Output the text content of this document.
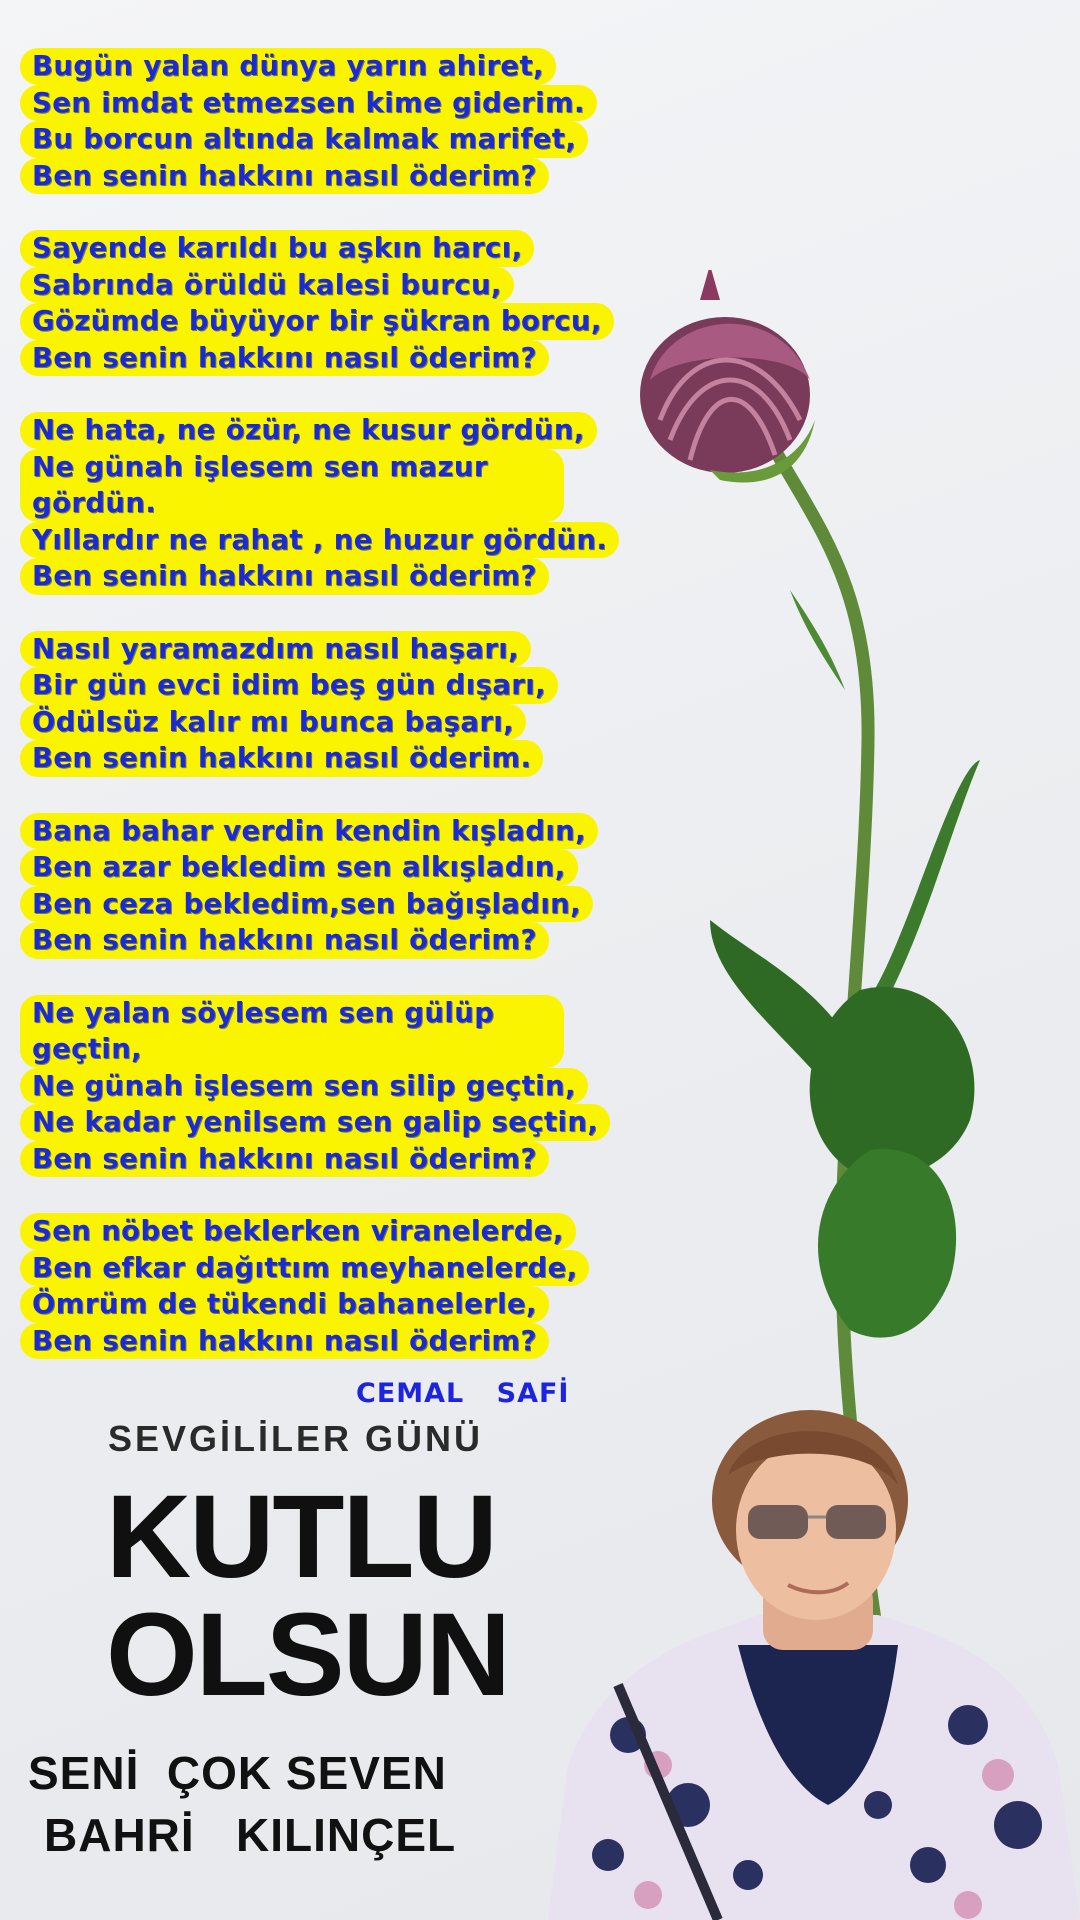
Bugün yalan dünya yarın ahiret,
Sen imdat etmezsen kime giderim.
Bu borcun altında kalmak marifet,
Ben senin hakkını nasıl öderim?
Sayende karıldı bu aşkın harcı,
Sabrında örüldü kalesi burcu,
Gözümde büyüyor bir şükran borcu,
Ben senin hakkını nasıl öderim?
Ne hata, ne özür, ne kusur gördün,
Ne günah işlesem sen mazur gördün.
Yıllardır ne rahat , ne huzur gördün.
Ben senin hakkını nasıl öderim?
Nasıl yaramazdım nasıl haşarı,
Bir gün evci idim beş gün dışarı,
Ödülsüz kalır mı bunca başarı,
Ben senin hakkını nasıl öderim.
Bana bahar verdin kendin kışladın,
Ben azar bekledim sen alkışladın,
Ben ceza bekledim,sen bağışladın,
Ben senin hakkını nasıl öderim?
Ne yalan söylesem sen gülüp geçtin,
Ne günah işlesem sen silip geçtin,
Ne kadar yenilsem sen galip seçtin,
Ben senin hakkını nasıl öderim?
Sen nöbet beklerken viranelerde,
Ben efkar dağıttım meyhanelerde,
Ömrüm de tükendi bahanelerle,
Ben senin hakkını nasıl öderim?
CEMAL SAFİ
SEVGİLİLER GÜNÜ
KUTLU
OLSUN
SENİ  ÇOK SEVEN
BAHRİ   KILINÇEL
